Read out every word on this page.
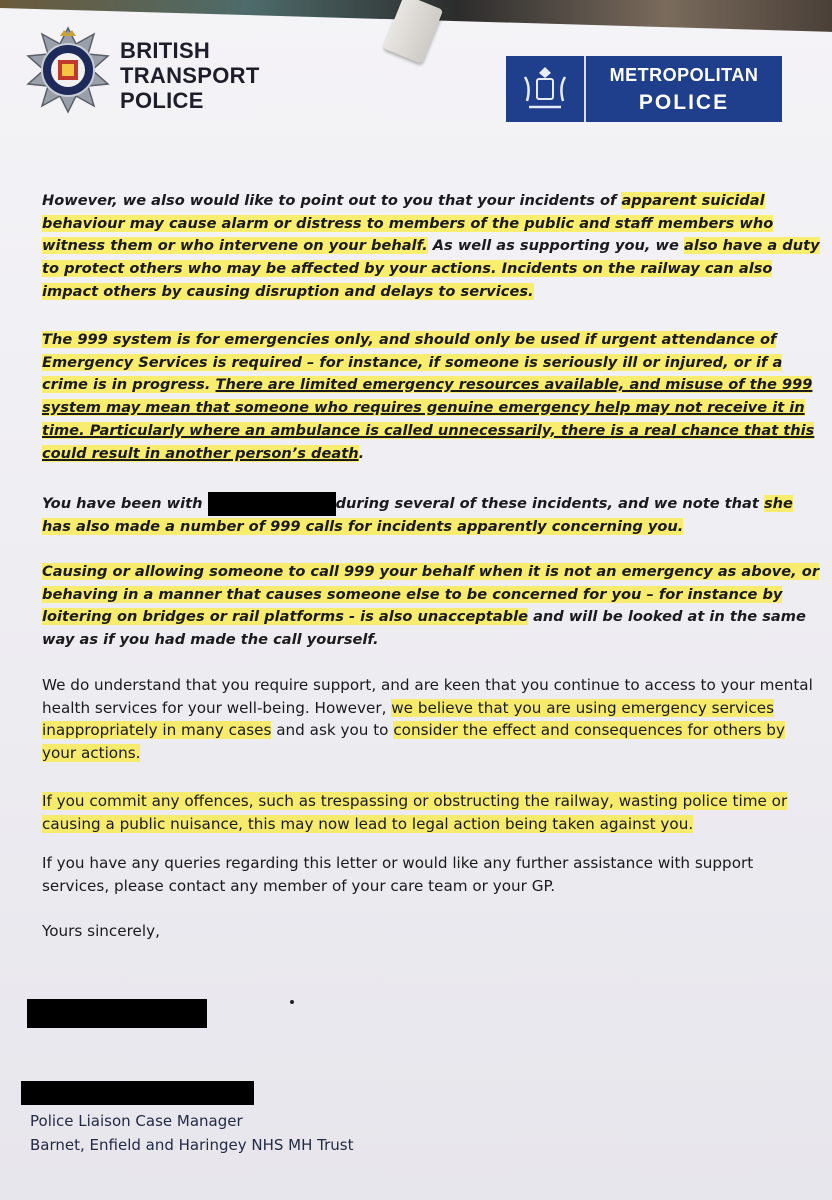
BRITISH
TRANSPORT
POLICE
METROPOLITAN
POLICE

However, we also would like to point out to you that your incidents of apparent suicidal behaviour may cause alarm or distress to members of the public and staff members who witness them or who intervene on your behalf. As well as supporting you, we also have a duty to protect others who may be affected by your actions. Incidents on the railway can also impact others by causing disruption and delays to services.

The 999 system is for emergencies only, and should only be used if urgent attendance of Emergency Services is required – for instance, if someone is seriously ill or injured, or if a crime is in progress. There are limited emergency resources available, and misuse of the 999 system may mean that someone who requires genuine emergency help may not receive it in time. Particularly where an ambulance is called unnecessarily, there is a real chance that this could result in another person’s death.

You have been with	during several of these incidents, and we note that she has also made a number of 999 calls for incidents apparently concerning you.

Causing or allowing someone to call 999 your behalf when it is not an emergency as above, or behaving in a manner that causes someone else to be concerned for you – for instance by loitering on bridges or rail platforms - is also unacceptable and will be looked at in the same way as if you had made the call yourself.

We do understand that you require support, and are keen that you continue to access to your mental health services for your well-being. However, we believe that you are using emergency services inappropriately in many cases and ask you to consider the effect and consequences for others by your actions.

If you commit any offences, such as trespassing or obstructing the railway, wasting police time or causing a public nuisance, this may now lead to legal action being taken against you.

If you have any queries regarding this letter or would like any further assistance with support services, please contact any member of your care team or your GP.

Yours sincerely,

Police Liaison Case Manager
Barnet, Enfield and Haringey NHS MH Trust
